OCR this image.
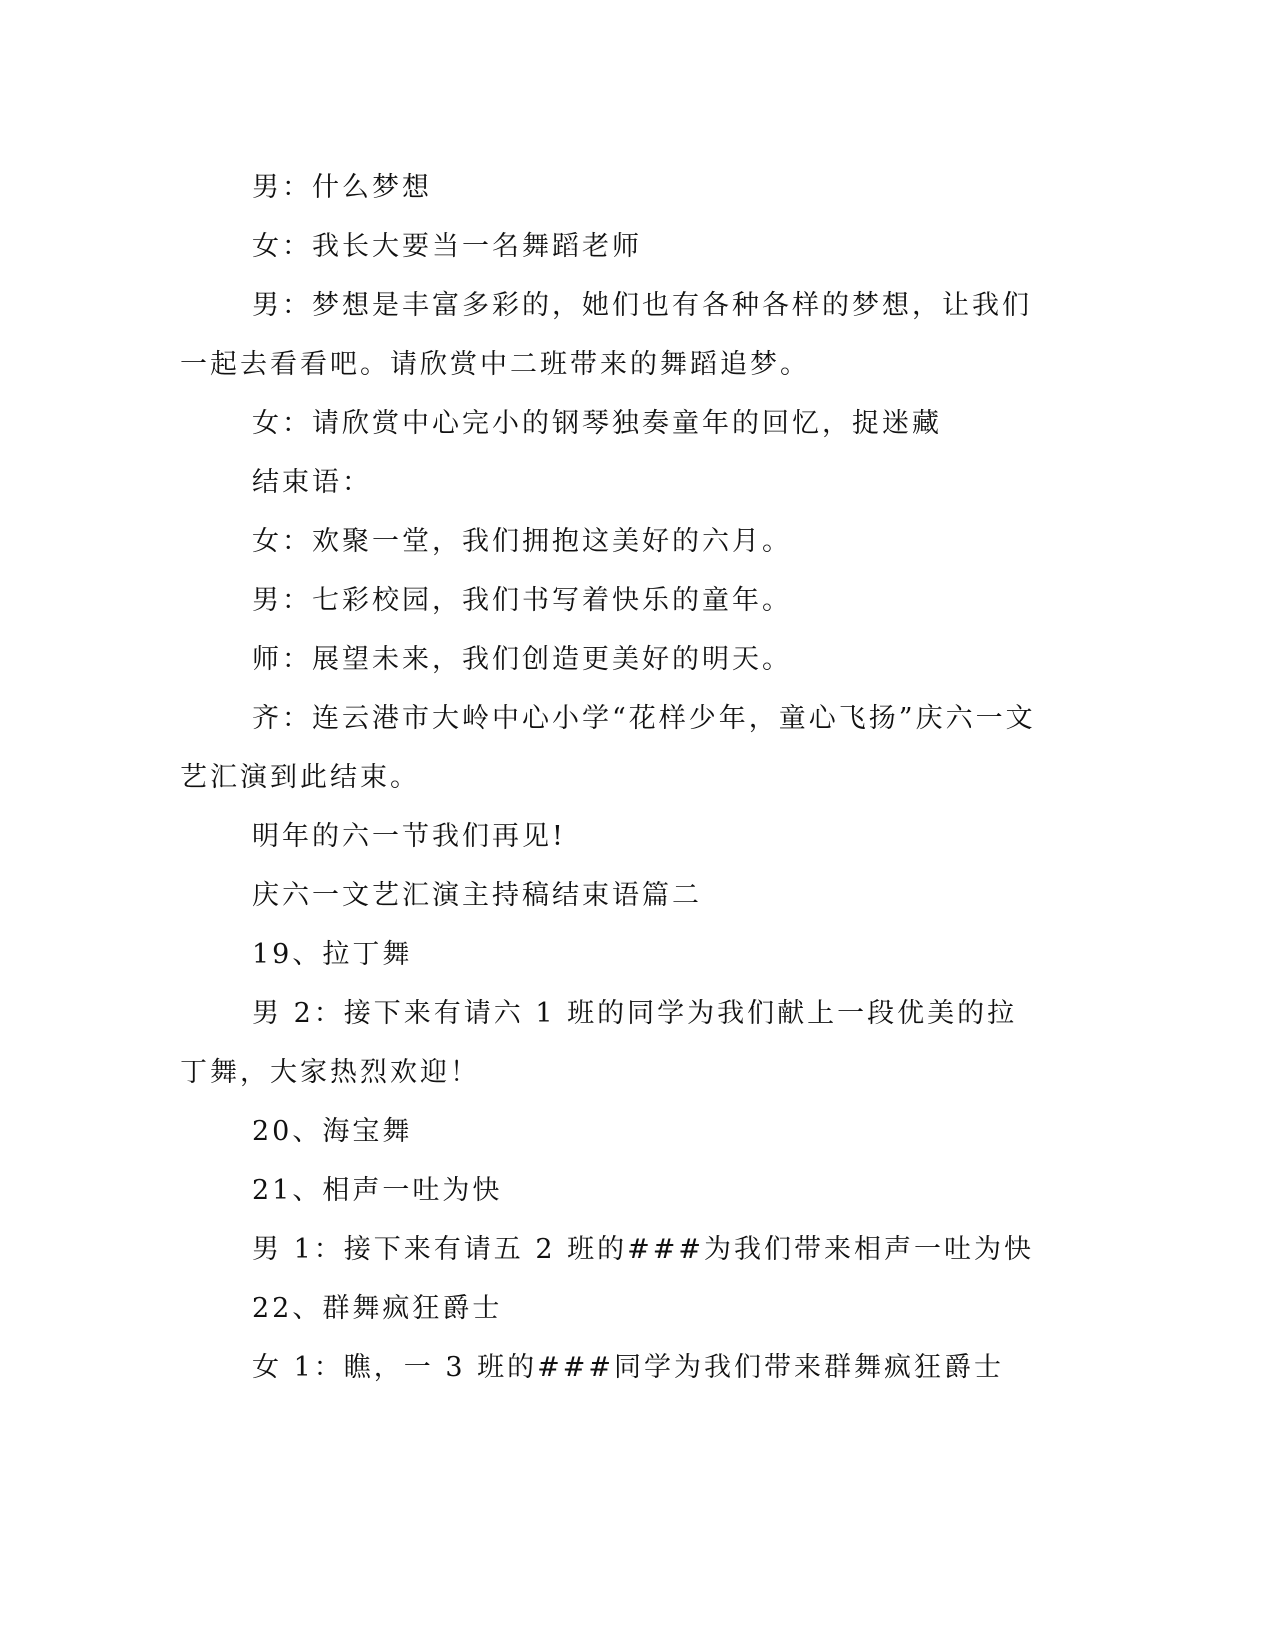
男：什么梦想

女：我长大要当一名舞蹈老师

男：梦想是丰富多彩的，她们也有各种各样的梦想，让我们一起去看看吧。请欣赏中二班带来的舞蹈追梦。

女：请欣赏中心完小的钢琴独奏童年的回忆，捉迷藏

结束语：

女：欢聚一堂，我们拥抱这美好的六月。

男：七彩校园，我们书写着快乐的童年。

师：展望未来，我们创造更美好的明天。

齐：连云港市大岭中心小学“花样少年，童心飞扬”庆六一文艺汇演到此结束。

明年的六一节我们再见!

庆六一文艺汇演主持稿结束语篇二

19、拉丁舞

男 2：接下来有请六 1 班的同学为我们献上一段优美的拉丁舞，大家热烈欢迎！

20、海宝舞

21、相声一吐为快

男 1：接下来有请五 2 班的###为我们带来相声一吐为快

22、群舞疯狂爵士

女 1：瞧，一 3 班的###同学为我们带来群舞疯狂爵士
